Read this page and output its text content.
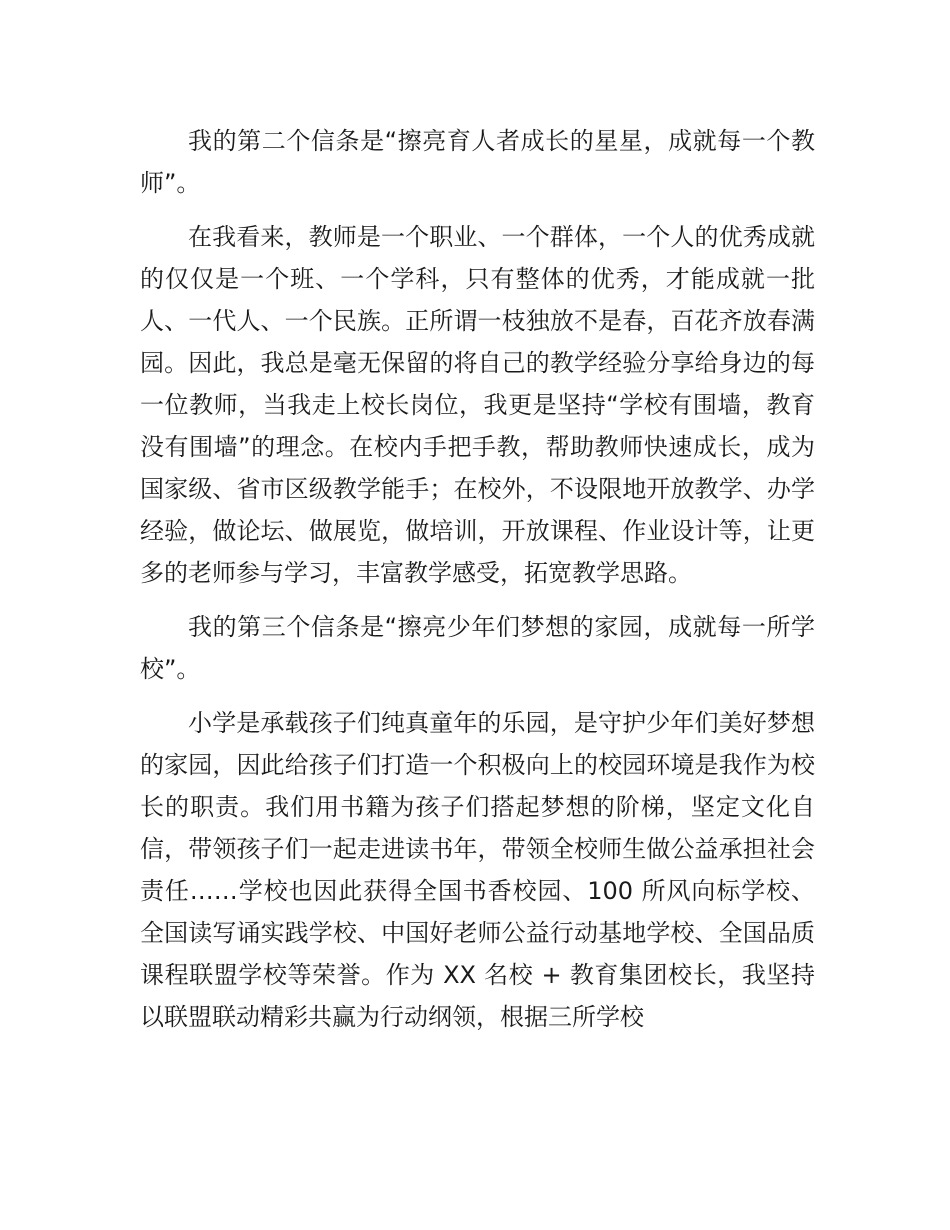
我的第二个信条是“擦亮育人者成长的星星，成就每一个教师”。

在我看来，教师是一个职业、一个群体，一个人的优秀成就的仅仅是一个班、一个学科，只有整体的优秀，才能成就一批人、一代人、一个民族。正所谓一枝独放不是春，百花齐放春满园。因此，我总是毫无保留的将自己的教学经验分享给身边的每一位教师，当我走上校长岗位，我更是坚持“学校有围墙，教育没有围墙”的理念。在校内手把手教，帮助教师快速成长，成为国家级、省市区级教学能手；在校外，不设限地开放教学、办学经验，做论坛、做展览，做培训，开放课程、作业设计等，让更多的老师参与学习，丰富教学感受，拓宽教学思路。

我的第三个信条是“擦亮少年们梦想的家园，成就每一所学校”。

小学是承载孩子们纯真童年的乐园，是守护少年们美好梦想的家园，因此给孩子们打造一个积极向上的校园环境是我作为校长的职责。我们用书籍为孩子们搭起梦想的阶梯，坚定文化自信，带领孩子们一起走进读书年，带领全校师生做公益承担社会责任……学校也因此获得全国书香校园、100 所风向标学校、全国读写诵实践学校、中国好老师公益行动基地学校、全国品质课程联盟学校等荣誉。作为 XX 名校 + 教育集团校长，我坚持以联盟联动精彩共赢为行动纲领，根据三所学校
